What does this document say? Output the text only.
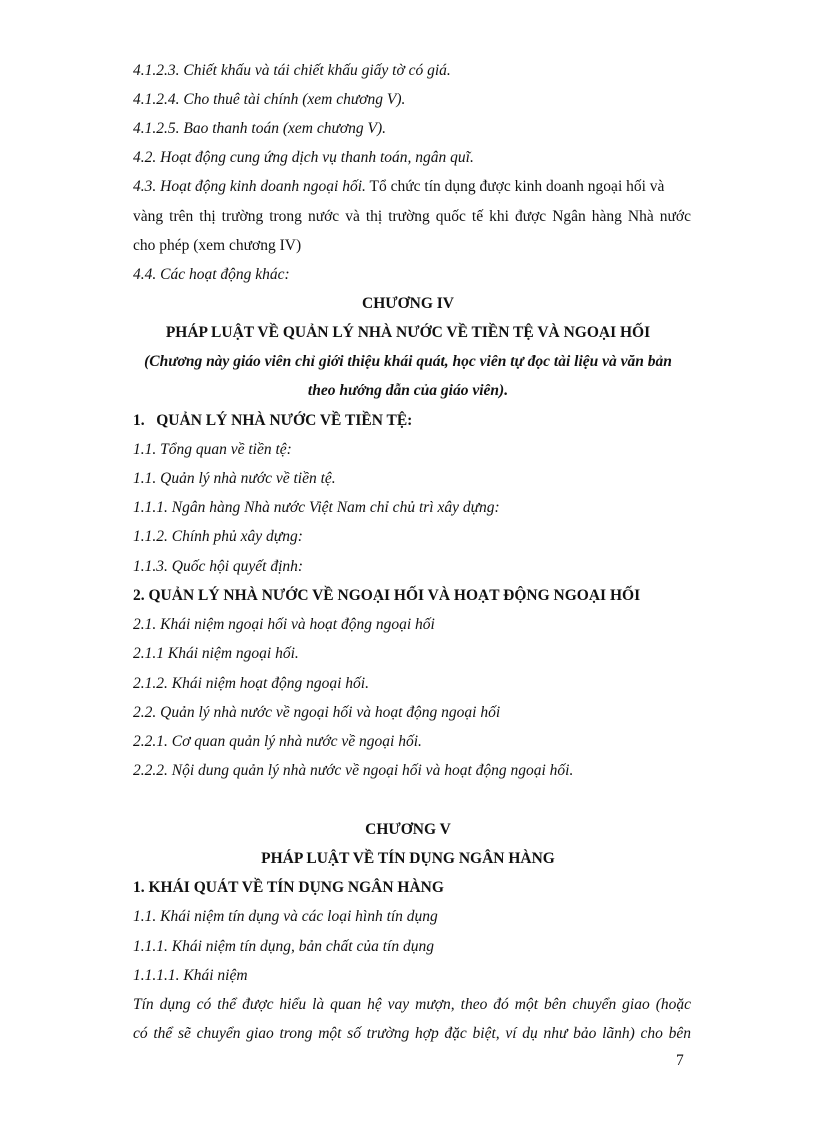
4.1.2.3. Chiết khấu và tái chiết khấu giấy tờ có giá.
4.1.2.4. Cho thuê tài chính (xem chương V).
4.1.2.5. Bao thanh toán (xem chương V).
4.2. Hoạt động cung ứng dịch vụ thanh toán, ngân quĩ.
4.3. Hoạt động kinh doanh ngoại hối. Tổ chức tín dụng được kinh doanh ngoại hối và
vàng trên thị trường trong nước và thị trường quốc tế khi được Ngân hàng Nhà nước
cho phép (xem chương IV)
4.4. Các hoạt động khác:
CHƯƠNG IV
PHÁP LUẬT VỀ QUẢN LÝ NHÀ NƯỚC VỀ TIỀN TỆ VÀ NGOẠI HỐI
(Chương này giáo viên chỉ giới thiệu khái quát, học viên tự đọc tài liệu và văn bản
theo hướng dẫn của giáo viên).
1.   QUẢN LÝ NHÀ NƯỚC VỀ TIỀN TỆ:
1.1. Tổng quan về tiền tệ:
1.1. Quản lý nhà nước về tiền tệ.
1.1.1. Ngân hàng Nhà nước Việt Nam chỉ chủ trì xây dựng:
1.1.2. Chính phủ xây dựng:
1.1.3. Quốc hội quyết định:
2. QUẢN LÝ NHÀ NƯỚC VỀ NGOẠI HỐI VÀ HOẠT ĐỘNG NGOẠI HỐI
2.1. Khái niệm ngoại hối và hoạt động ngoại hối
2.1.1 Khái niệm ngoại hối.
2.1.2. Khái niệm hoạt động ngoại hối.
2.2. Quản lý nhà nước về ngoại hối và hoạt động ngoại hối
2.2.1. Cơ quan quản lý nhà nước về ngoại hối.
2.2.2. Nội dung quản lý nhà nước về ngoại hối và hoạt động ngoại hối.
CHƯƠNG V
PHÁP LUẬT VỀ TÍN DỤNG NGÂN HÀNG
1. KHÁI QUÁT VỀ TÍN DỤNG NGÂN HÀNG
1.1. Khái niệm tín dụng và các loại hình tín dụng
1.1.1. Khái niệm tín dụng, bản chất của tín dụng
1.1.1.1. Khái niệm
Tín dụng có thể được hiểu là quan hệ vay mượn, theo đó một bên chuyển giao (hoặc
có thể sẽ chuyển giao trong một số trường hợp đặc biệt, ví dụ như bảo lãnh) cho bên
7
